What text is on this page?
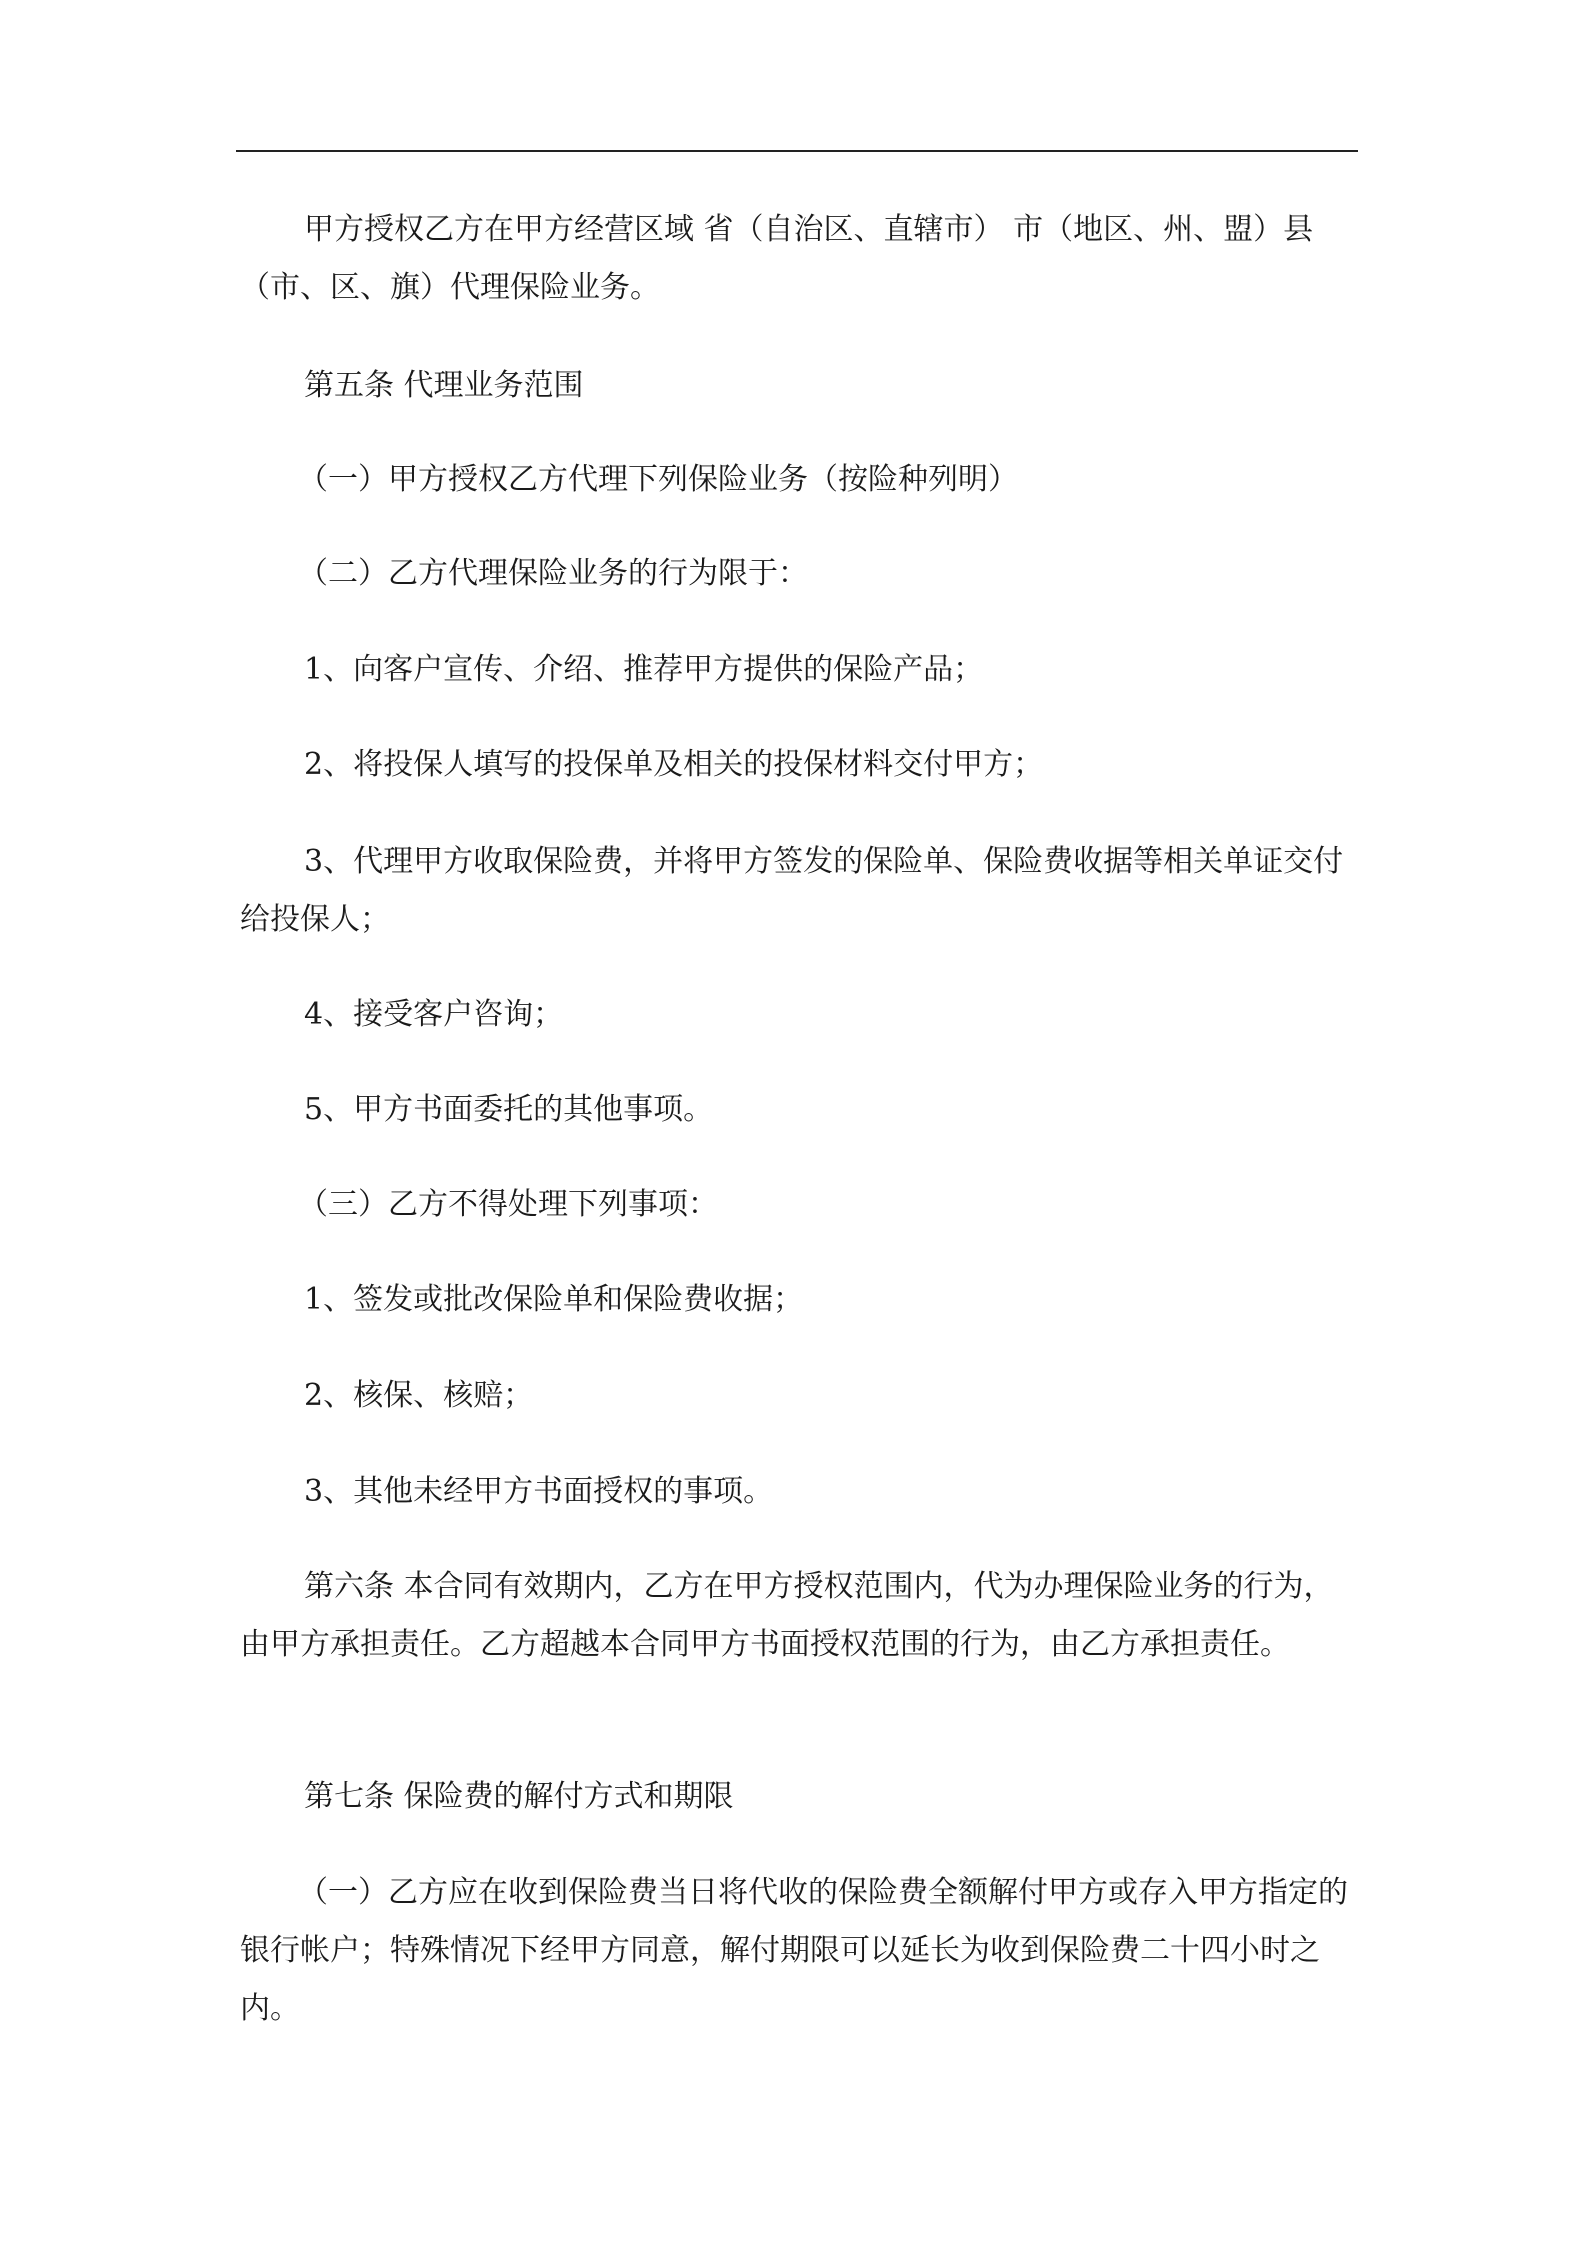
甲方授权乙方在甲方经营区域 省（自治区、直辖市） 市（地区、州、盟）县（市、区、旗）代理保险业务。
第五条 代理业务范围
（一）甲方授权乙方代理下列保险业务（按险种列明）
（二）乙方代理保险业务的行为限于：
1、向客户宣传、介绍、推荐甲方提供的保险产品；
2、将投保人填写的投保单及相关的投保材料交付甲方；
3、代理甲方收取保险费，并将甲方签发的保险单、保险费收据等相关单证交付给投保人；
4、接受客户咨询；
5、甲方书面委托的其他事项。
（三）乙方不得处理下列事项：
1、签发或批改保险单和保险费收据；
2、核保、核赔；
3、其他未经甲方书面授权的事项。
第六条 本合同有效期内，乙方在甲方授权范围内，代为办理保险业务的行为，由甲方承担责任。乙方超越本合同甲方书面授权范围的行为，由乙方承担责任。
第七条 保险费的解付方式和期限
（一）乙方应在收到保险费当日将代收的保险费全额解付甲方或存入甲方指定的银行帐户；特殊情况下经甲方同意，解付期限可以延长为收到保险费二十四小时之内。
